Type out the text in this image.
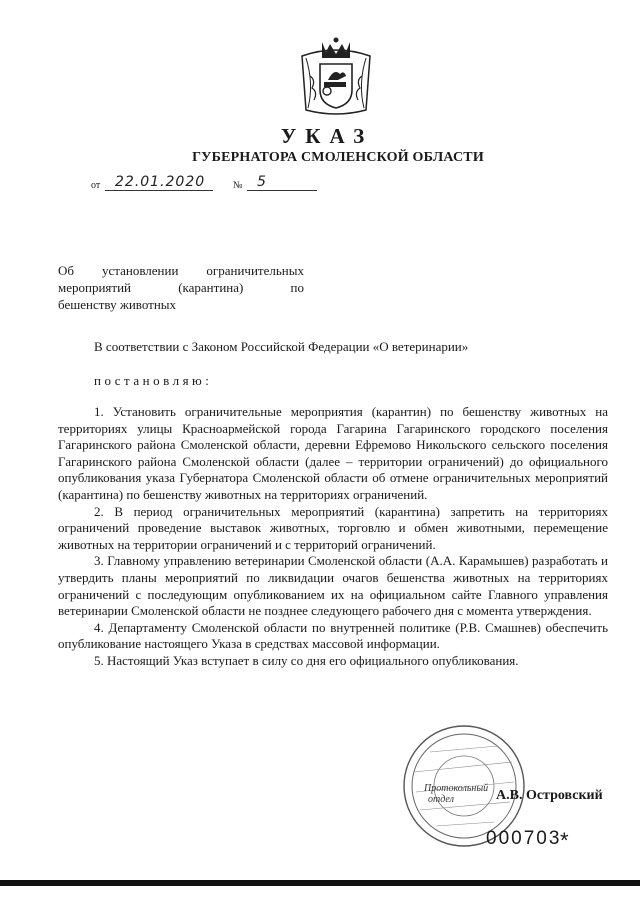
УКАЗ
ГУБЕРНАТОРА СМОЛЕНСКОЙ ОБЛАСТИ
от 22.01.2020	№ 5
Об установлении ограничительных
мероприятий (карантина) по
бешенству животных
В соответствии с Законом Российской Федерации «О ветеринарии»
постановляю:

1. Установить ограничительные мероприятия (карантин) по бешенству животных на территориях улицы Красноармейской города Гагарина Гагаринского городского поселения Гагаринского района Смоленской области, деревни Ефремово Никольского сельского поселения Гагаринского района Смоленской области (далее – территории ограничений) до официального опубликования указа Губернатора Смоленской области об отмене ограничительных мероприятий (карантина) по бешенству животных на территориях ограничений.

2. В период ограничительных мероприятий (карантина) запретить на территориях ограничений проведение выставок животных, торговлю и обмен животными, перемещение животных на территории ограничений и с территорий ограничений.

3. Главному управлению ветеринарии Смоленской области (А.А. Карамышев) разработать и утвердить планы мероприятий по ликвидации очагов бешенства животных на территориях ограничений с последующим опубликованием их на официальном сайте Главного управления ветеринарии Смоленской области не позднее следующего рабочего дня с момента утверждения.

4. Департаменту Смоленской области по внутренней политике (Р.В. Смашнев) обеспечить опубликование настоящего Указа в средствах массовой информации.

5. Настоящий Указ вступает в силу со дня его официального опубликования.

Протокольный
отдел	А.В. Островский
000703
*
